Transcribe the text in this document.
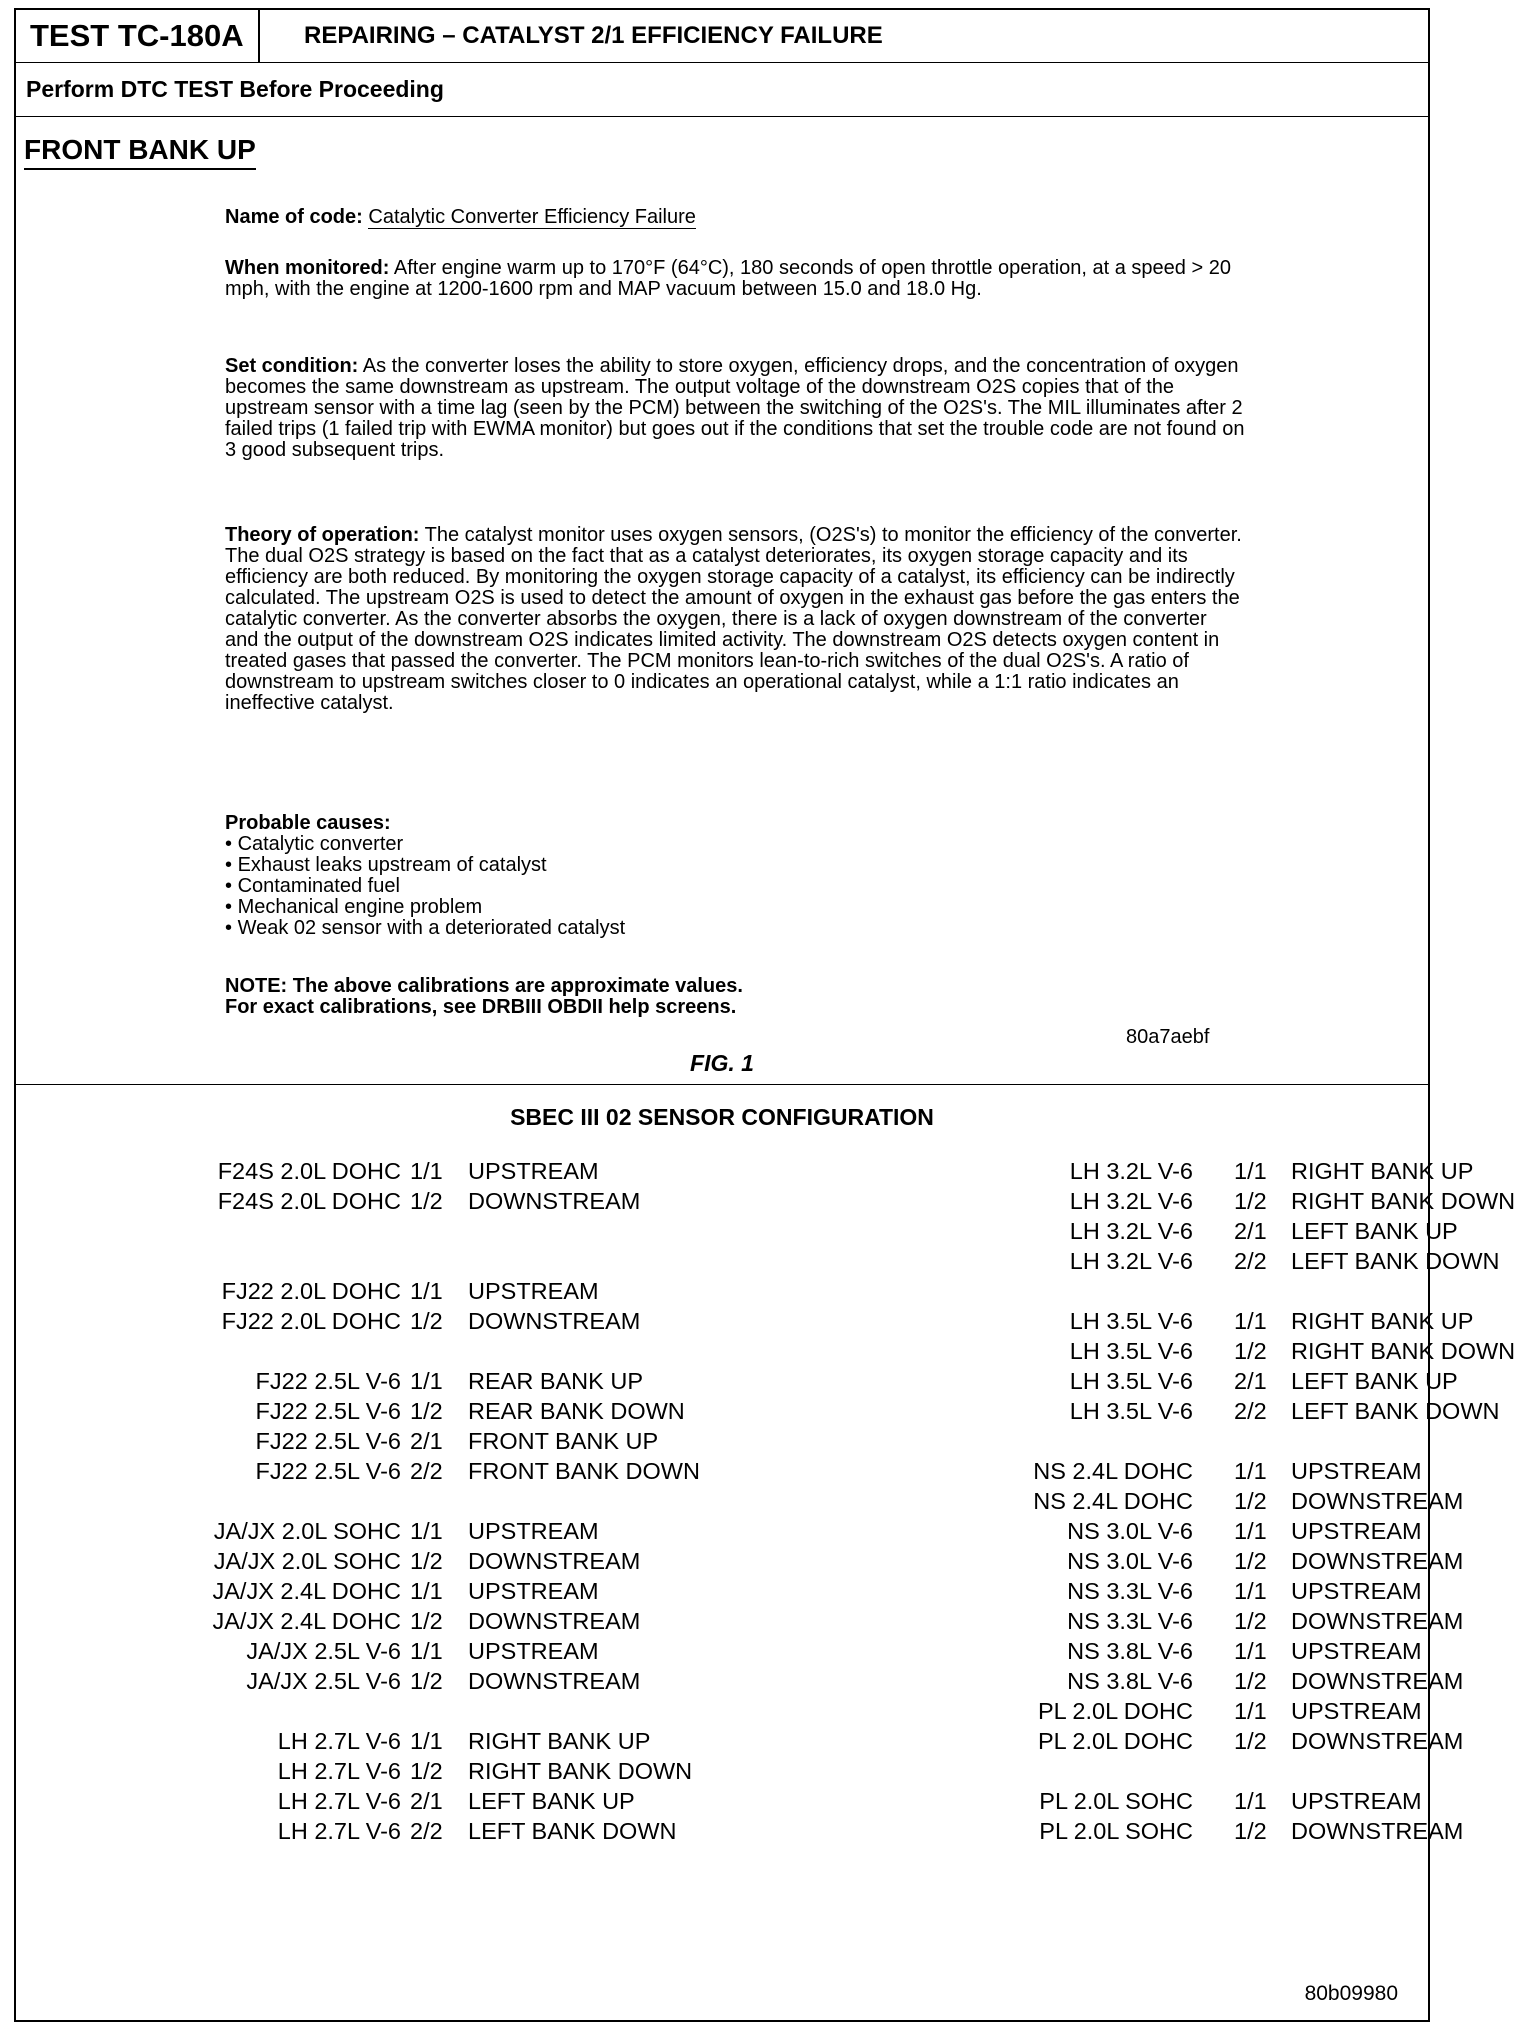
TEST TC-180A	REPAIRING – CATALYST 2/1 EFFICIENCY FAILURE
Perform DTC TEST Before Proceeding
FRONT BANK UP
Name of code: Catalytic Converter Efficiency Failure
When monitored: After engine warm up to 170°F (64°C), 180 seconds of open throttle operation, at a speed > 20 mph, with the engine at 1200-1600 rpm and MAP vacuum between 15.0 and 18.0 Hg.
Set condition: As the converter loses the ability to store oxygen, efficiency drops, and the concentration of oxygen becomes the same downstream as upstream. The output voltage of the downstream O2S copies that of the upstream sensor with a time lag (seen by the PCM) between the switching of the O2S's. The MIL illuminates after 2 failed trips (1 failed trip with EWMA monitor) but goes out if the conditions that set the trouble code are not found on 3 good subsequent trips.
Theory of operation: The catalyst monitor uses oxygen sensors, (O2S's) to monitor the efficiency of the converter. The dual O2S strategy is based on the fact that as a catalyst deteriorates, its oxygen storage capacity and its efficiency are both reduced. By monitoring the oxygen storage capacity of a catalyst, its efficiency can be indirectly calculated. The upstream O2S is used to detect the amount of oxygen in the exhaust gas before the gas enters the catalytic converter. As the converter absorbs the oxygen, there is a lack of oxygen downstream of the converter and the output of the downstream O2S indicates limited activity. The downstream O2S detects oxygen content in treated gases that passed the converter. The PCM monitors lean-to-rich switches of the dual O2S's. A ratio of downstream to upstream switches closer to 0 indicates an operational catalyst, while a 1:1 ratio indicates an ineffective catalyst.
Probable causes:
• Catalytic converter
• Exhaust leaks upstream of catalyst
• Contaminated fuel
• Mechanical engine problem
• Weak 02 sensor with a deteriorated catalyst
NOTE: The above calibrations are approximate values.
For exact calibrations, see DRBIII OBDII help screens.
80a7aebf
FIG. 1
SBEC III 02 SENSOR CONFIGURATION
F24S 2.0L DOHC 1/1 UPSTREAM
F24S 2.0L DOHC 1/2 DOWNSTREAM
FJ22 2.0L DOHC 1/1 UPSTREAM
FJ22 2.0L DOHC 1/2 DOWNSTREAM
FJ22 2.5L V-6 1/1 REAR BANK UP
FJ22 2.5L V-6 1/2 REAR BANK DOWN
FJ22 2.5L V-6 2/1 FRONT BANK UP
FJ22 2.5L V-6 2/2 FRONT BANK DOWN
JA/JX 2.0L SOHC 1/1 UPSTREAM
JA/JX 2.0L SOHC 1/2 DOWNSTREAM
JA/JX 2.4L DOHC 1/1 UPSTREAM
JA/JX 2.4L DOHC 1/2 DOWNSTREAM
JA/JX 2.5L V-6 1/1 UPSTREAM
JA/JX 2.5L V-6 1/2 DOWNSTREAM
LH 2.7L V-6 1/1 RIGHT BANK UP
LH 2.7L V-6 1/2 RIGHT BANK DOWN
LH 2.7L V-6 2/1 LEFT BANK UP
LH 2.7L V-6 2/2 LEFT BANK DOWN
LH 3.2L V-6 1/1 RIGHT BANK UP
LH 3.2L V-6 1/2 RIGHT BANK DOWN
LH 3.2L V-6 2/1 LEFT BANK UP
LH 3.2L V-6 2/2 LEFT BANK DOWN
LH 3.5L V-6 1/1 RIGHT BANK UP
LH 3.5L V-6 1/2 RIGHT BANK DOWN
LH 3.5L V-6 2/1 LEFT BANK UP
LH 3.5L V-6 2/2 LEFT BANK DOWN
NS 2.4L DOHC 1/1 UPSTREAM
NS 2.4L DOHC 1/2 DOWNSTREAM
NS 3.0L V-6 1/1 UPSTREAM
NS 3.0L V-6 1/2 DOWNSTREAM
NS 3.3L V-6 1/1 UPSTREAM
NS 3.3L V-6 1/2 DOWNSTREAM
NS 3.8L V-6 1/1 UPSTREAM
NS 3.8L V-6 1/2 DOWNSTREAM
PL 2.0L DOHC 1/1 UPSTREAM
PL 2.0L DOHC 1/2 DOWNSTREAM
PL 2.0L SOHC 1/1 UPSTREAM
PL 2.0L SOHC 1/2 DOWNSTREAM
80b09980
